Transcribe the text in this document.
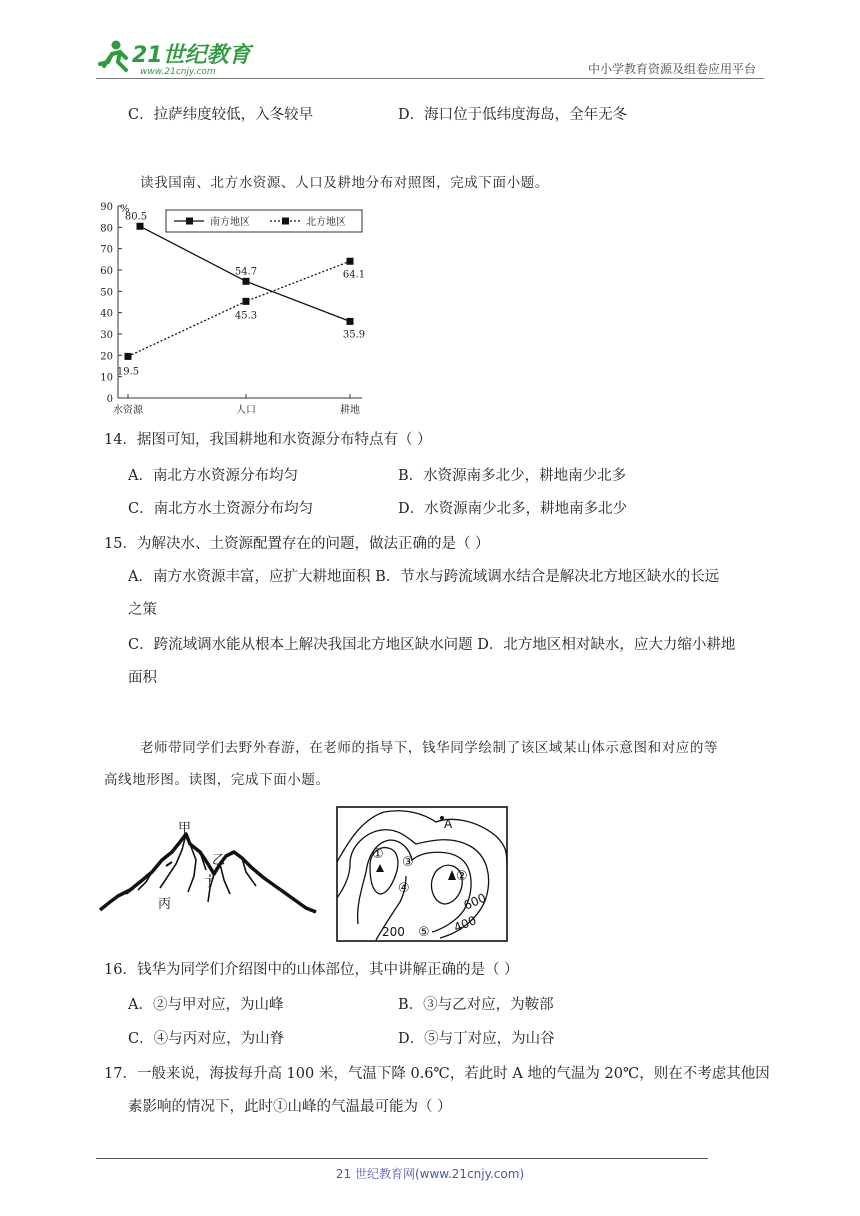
21世纪教育
www.21cnjy.com	中小学教育资源及组卷应用平台
C．拉萨纬度较低，入冬较早	D．海口位于低纬度海岛，全年无冬
读我国南、北方水资源、人口及耕地分布对照图，完成下面小题。
0
10
20
30
40
50
60
70
80
90 %
水资源	人口	耕地
80.5
54.7
35.9
19.5
45.3
64.1
南方地区	北方地区
14．据图可知，我国耕地和水资源分布特点有（ ）
A．南北方水资源分布均匀	B．水资源南多北少，耕地南少北多
C．南北方水土资源分布均匀	D．水资源南少北多，耕地南多北少
15．为解决水、土资源配置存在的问题，做法正确的是（ ）
A．南方水资源丰富，应扩大耕地面积 B．节水与跨流域调水结合是解决北方地区缺水的长远
之策
C．跨流域调水能从根本上解决我国北方地区缺水问题 D．北方地区相对缺水，应大力缩小耕地
面积
老师带同学们去野外春游，在老师的指导下，钱华同学绘制了该区域某山体示意图和对应的等
高线地形图。读图，完成下面小题。
甲
乙
丁
丙
A
①
③
②
④
600
400
200 ⑤
16．钱华为同学们介绍图中的山体部位，其中讲解正确的是（ ）
A．②与甲对应，为山峰	B．③与乙对应，为鞍部
C．④与丙对应，为山脊	D．⑤与丁对应，为山谷
17．一般来说，海拔每升高 100 米，气温下降 0.6℃，若此时 A 地的气温为 20℃，则在不考虑其他因
素影响的情况下，此时①山峰的气温最可能为（ ）
21 世纪教育网(www.21cnjy.com)
